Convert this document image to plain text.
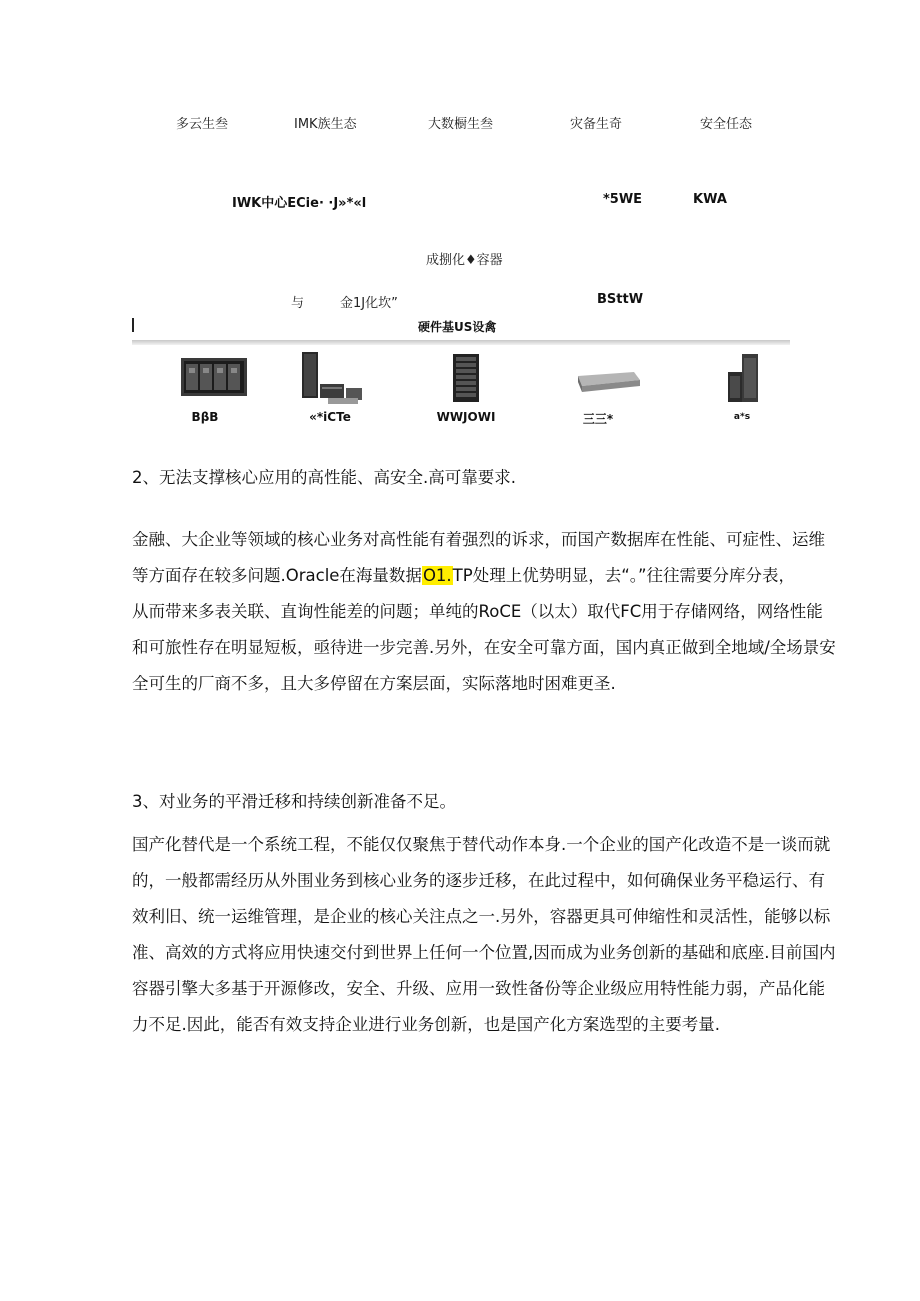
多云生叁	IMK族生态	大数橱生叁	灾备生奇	安全任态
IWK中心ECie· ·J»*«l	*5WE	KWA
成捌化♦容器
与	金1J化坎”	BSttW
硬件基US设禽
BβB	«*iCTe	WWJOWI	三三*	a*s
2、无法支撑核心应用的高性能、高安全.高可靠要求.
金融、大企业等领域的核心业务对高性能有着强烈的诉求，而国产数据库在性能、可症性、运维
等方面存在较多问题.Oracle在海量数据O1.TP处理上优势明显，去“。”往往需要分库分表，
从而带来多表关联、直询性能差的问题；单纯的RoCE（以太）取代FC用于存储网络，网络性能
和可旅性存在明显短板，亟待进一步完善.另外，在安全可靠方面，国内真正做到全地域/全场景安
全可生的厂商不多，且大多停留在方案层面，实际落地时困难更圣.
3、对业务的平滑迁移和持续创新准备不足。
国产化替代是一个系统工程，不能仅仅聚焦于替代动作本身.一个企业的国产化改造不是一谈而就
的，一般都需经历从外围业务到核心业务的逐步迁移，在此过程中，如何确保业务平稳运行、有
效利旧、统一运维管理，是企业的核心关注点之一.另外，容器更具可伸缩性和灵活性，能够以标
准、高效的方式将应用快速交付到世界上任何一个位置,因而成为业务创新的基础和底座.目前国内
容器引擎大多基于开源修改，安全、升级、应用一致性备份等企业级应用特性能力弱，产品化能
力不足.因此，能否有效支持企业进行业务创新，也是国产化方案选型的主要考量.
